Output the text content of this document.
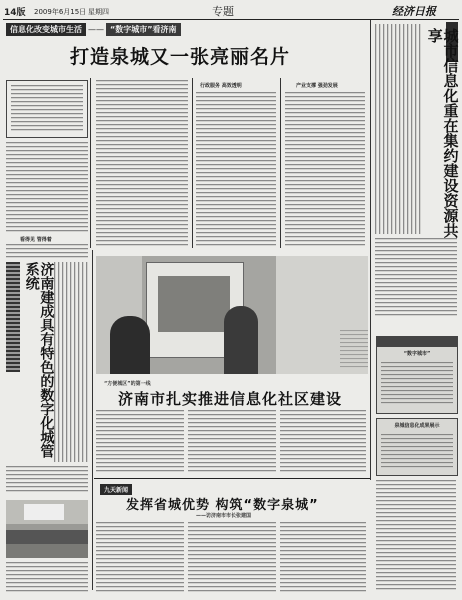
14版 2009年6月15日 星期四	专题	经济日报
信息化改变城市生活 —— “数字城市”看济南
打造泉城又一张亮丽名片
行政服务 高效透明	产业支撑 强劲发展
看得见 管得着
城市信息化重在集约建设资源共享
“数字城市”
泉城信息化成果展示
济南建成具有特色的数字化城管系统
“方便城区”的第一线
济南市扎实推进信息化社区建设
九天新闻
发挥省城优势 构筑“数字泉城”
——访济南市市长张建国
